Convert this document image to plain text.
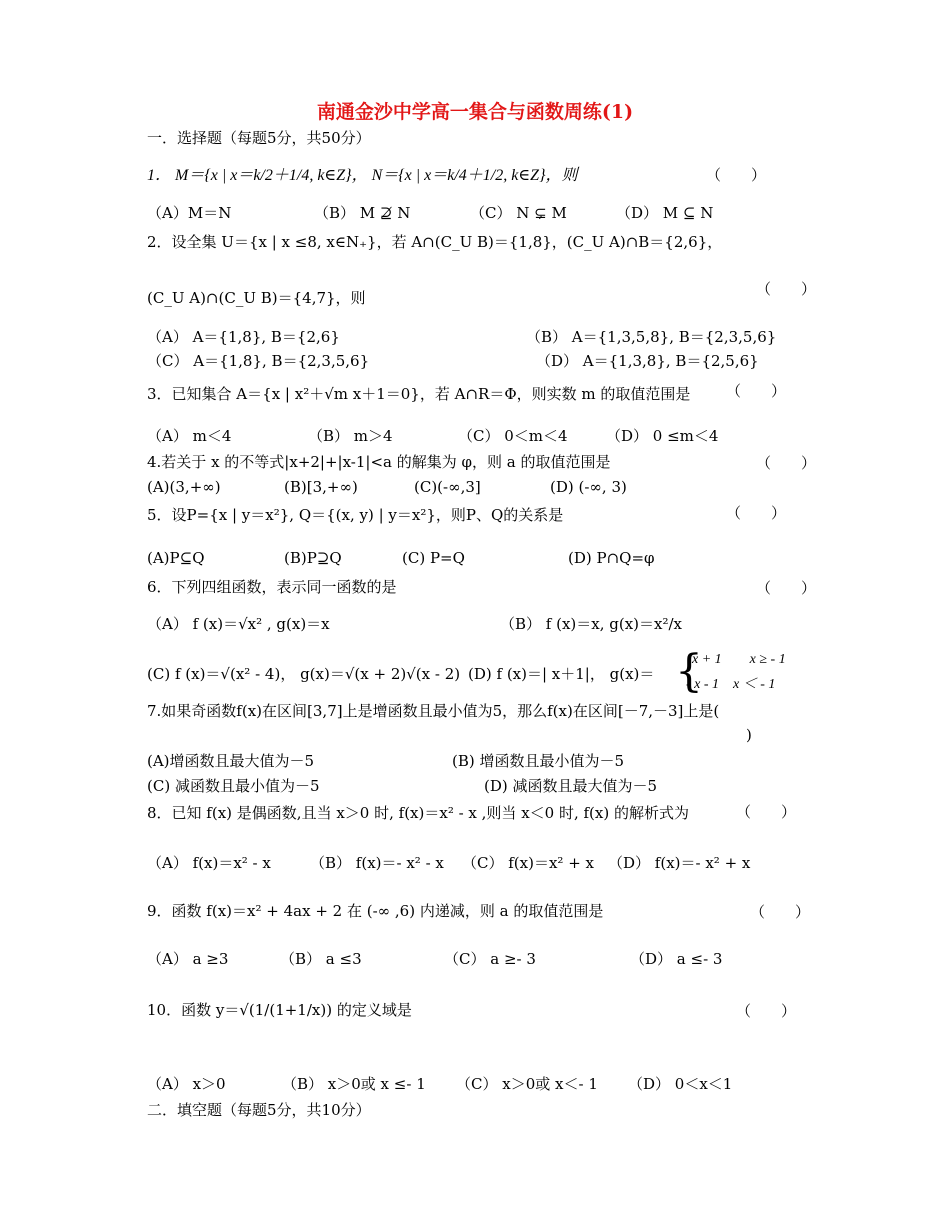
南通金沙中学高一集合与函数周练(1)
一．选择题（每题5分，共50分）
1． M＝{x | x＝k/2＋1/4, k∈Z}， N＝{x | x＝k/4＋1/2, k∈Z}，则	（　　）
（A）M＝N	（B） M ⊉ N	（C） N ⊊ M	（D） M ⊆ N
2．设全集 U＝{x | x ≤8, x∈N₊}，若 A∩(C_U B)＝{1,8}，(C_U A)∩B＝{2,6}，
(C_U A)∩(C_U B)＝{4,7}，则	（　　）
（A） A＝{1,8}, B＝{2,6}	（B） A＝{1,3,5,8}, B＝{2,3,5,6}
（C） A＝{1,8}, B＝{2,3,5,6}	（D） A＝{1,3,8}, B＝{2,5,6}
3．已知集合 A＝{x | x²＋√m x＋1＝0}，若 A∩R＝Φ，则实数 m 的取值范围是 （　　）
（A） m＜4	（B） m＞4	（C） 0＜m＜4	（D） 0 ≤m＜4
4.若关于 x 的不等式|x+2|+|x-1|<a 的解集为 φ，则 a 的取值范围是	（　　）
(A)(3,+∞)	(B)[3,+∞)	(C)(-∞,3]	(D) (-∞, 3)
5．设P={x | y＝x²}, Q＝{(x, y) | y＝x²}，则P、Q的关系是	（　　）
(A)P⊆Q	(B)P⊇Q	(C) P=Q	(D) P∩Q=φ
6．下列四组函数，表示同一函数的是	（　　）
（A） f (x)＝√x² , g(x)＝x	（B） f (x)＝x, g(x)＝x²/x
(C) f (x)＝√(x² - 4)， g(x)＝√(x + 2)√(x - 2) (D) f (x)＝| x＋1|， g(x)＝ {
x + 1　　x ≥ - 1
- x - 1　x ＜ - 1
7.如果奇函数f(x)在区间[3,7]上是增函数且最小值为5，那么f(x)在区间[－7,－3]上是(
)
(A)增函数且最大值为－5	(B) 增函数且最小值为－5
(C) 减函数且最小值为－5	(D) 减函数且最大值为－5
8．已知 f(x) 是偶函数,且当 x＞0 时, f(x)＝x² - x ,则当 x＜0 时, f(x) 的解析式为	（　　）
（A） f(x)＝x² - x	（B） f(x)＝- x² - x （C） f(x)＝x² + x （D） f(x)＝- x² + x
9．函数 f(x)＝x² + 4ax + 2 在 (-∞ ,6) 内递减，则 a 的取值范围是	（　　）
（A） a ≥3	（B） a ≤3	（C） a ≥- 3	（D） a ≤- 3
10．函数 y＝√(1/(1+1/x)) 的定义域是	（　　）
（A） x＞0	（B） x＞0或 x ≤- 1 （C） x＞0或 x＜- 1 （D） 0＜x＜1
二．填空题（每题5分，共10分）
